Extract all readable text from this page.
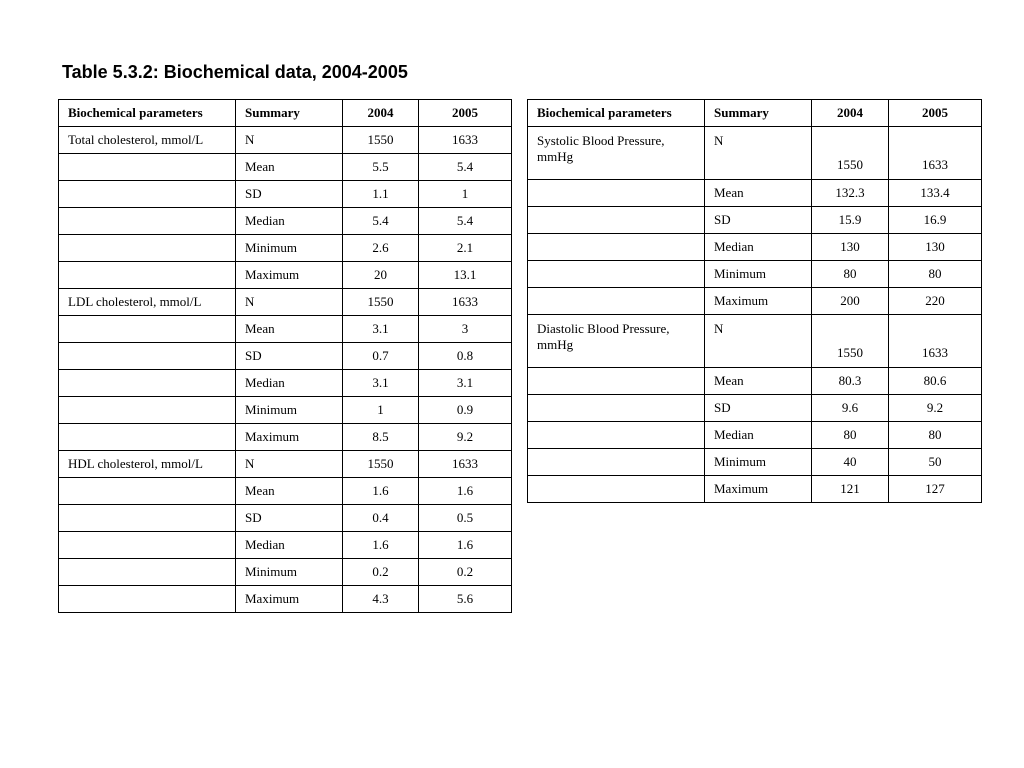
Table 5.3.2: Biochemical data, 2004-2005
Biochemical parameters	Summary	2004	2005
Total cholesterol, mmol/L	N	1550	1633
	Mean	5.5	5.4
	SD	1.1	1
	Median	5.4	5.4
	Minimum	2.6	2.1
	Maximum	20	13.1
LDL cholesterol, mmol/L	N	1550	1633
	Mean	3.1	3
	SD	0.7	0.8
	Median	3.1	3.1
	Minimum	1	0.9
	Maximum	8.5	9.2
HDL cholesterol, mmol/L	N	1550	1633
	Mean	1.6	1.6
	SD	0.4	0.5
	Median	1.6	1.6
	Minimum	0.2	0.2
	Maximum	4.3	5.6
Biochemical parameters	Summary	2004	2005
Systolic Blood Pressure, mmHg	N	1550	1633
	Mean	132.3	133.4
	SD	15.9	16.9
	Median	130	130
	Minimum	80	80
	Maximum	200	220
Diastolic Blood Pressure, mmHg	N	1550	1633
	Mean	80.3	80.6
	SD	9.6	9.2
	Median	80	80
	Minimum	40	50
	Maximum	121	127
